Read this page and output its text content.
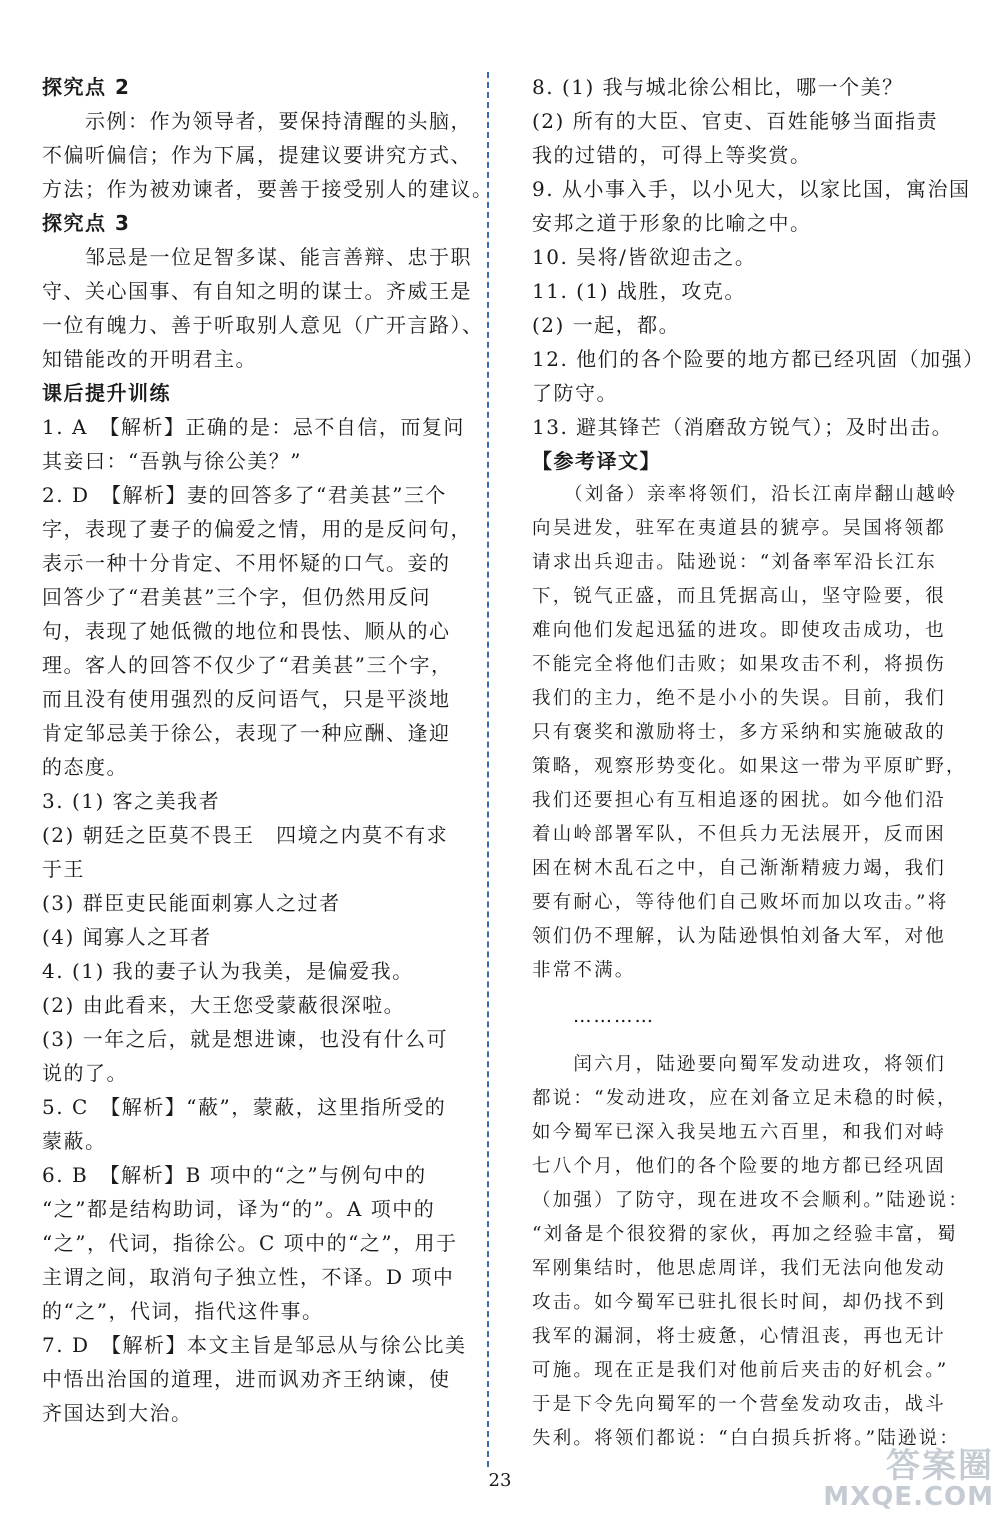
探究点 2
　　示例：作为领导者，要保持清醒的头脑，
不偏听偏信；作为下属，提建议要讲究方式、
方法；作为被劝谏者，要善于接受别人的建议。
探究点 3
　　邹忌是一位足智多谋、能言善辩、忠于职
守、关心国事、有自知之明的谋士。齐威王是
一位有魄力、善于听取别人意见（广开言路）、
知错能改的开明君主。
课后提升训练
1. A　【解析】正确的是：忌不自信，而复问
其妾曰：“吾孰与徐公美？”
2. D　【解析】妻的回答多了“君美甚”三个
字，表现了妻子的偏爱之情，用的是反问句，
表示一种十分肯定、不用怀疑的口气。妾的
回答少了“君美甚”三个字，但仍然用反问
句，表现了她低微的地位和畏怯、顺从的心
理。客人的回答不仅少了“君美甚”三个字，
而且没有使用强烈的反问语气，只是平淡地
肯定邹忌美于徐公，表现了一种应酬、逢迎
的态度。
3. (1) 客之美我者
(2) 朝廷之臣莫不畏王　四境之内莫不有求
于王
(3) 群臣吏民能面刺寡人之过者
(4) 闻寡人之耳者
4. (1) 我的妻子认为我美，是偏爱我。
(2) 由此看来，大王您受蒙蔽很深啦。
(3) 一年之后，就是想进谏，也没有什么可
说的了。
5. C　【解析】“蔽”，蒙蔽，这里指所受的
蒙蔽。
6. B　【解析】B 项中的“之”与例句中的
“之”都是结构助词，译为“的”。A 项中的
“之”，代词，指徐公。C 项中的“之”，用于
主谓之间，取消句子独立性，不译。D 项中
的“之”，代词，指代这件事。
7. D　【解析】本文主旨是邹忌从与徐公比美
中悟出治国的道理，进而讽劝齐王纳谏，使
齐国达到大治。
8. (1) 我与城北徐公相比，哪一个美？
(2) 所有的大臣、官吏、百姓能够当面指责
我的过错的，可得上等奖赏。
9. 从小事入手，以小见大，以家比国，寓治国
安邦之道于形象的比喻之中。
10. 吴将/皆欲迎击之。
11. (1) 战胜，攻克。
(2) 一起，都。
12. 他们的各个险要的地方都已经巩固（加强）
了防守。
13. 避其锋芒（消磨敌方锐气）；及时出击。
【参考译文】
　　（刘备）亲率将领们，沿长江南岸翻山越岭
向吴进发，驻军在夷道县的猇亭。吴国将领都
请求出兵迎击。陆逊说：“刘备率军沿长江东
下，锐气正盛，而且凭据高山，坚守险要，很
难向他们发起迅猛的进攻。即使攻击成功，也
不能完全将他们击败；如果攻击不利，将损伤
我们的主力，绝不是小小的失误。目前，我们
只有褒奖和激励将士，多方采纳和实施破敌的
策略，观察形势变化。如果这一带为平原旷野，
我们还要担心有互相追逐的困扰。如今他们沿
着山岭部署军队，不但兵力无法展开，反而困
困在树木乱石之中，自己渐渐精疲力竭，我们
要有耐心，等待他们自己败坏而加以攻击。”将
领们仍不理解，认为陆逊惧怕刘备大军，对他
非常不满。
　　…………
　　闰六月，陆逊要向蜀军发动进攻，将领们
都说：“发动进攻，应在刘备立足未稳的时候，
如今蜀军已深入我吴地五六百里，和我们对峙
七八个月，他们的各个险要的地方都已经巩固
（加强）了防守，现在进攻不会顺利。”陆逊说：
“刘备是个很狡猾的家伙，再加之经验丰富，蜀
军刚集结时，他思虑周详，我们无法向他发动
攻击。如今蜀军已驻扎很长时间，却仍找不到
我军的漏洞，将士疲惫，心情沮丧，再也无计
可施。现在正是我们对他前后夹击的好机会。”
于是下令先向蜀军的一个营垒发动攻击，战斗
失利。将领们都说：“白白损兵折将。”陆逊说：
23	答案圈
MXQE.COM
